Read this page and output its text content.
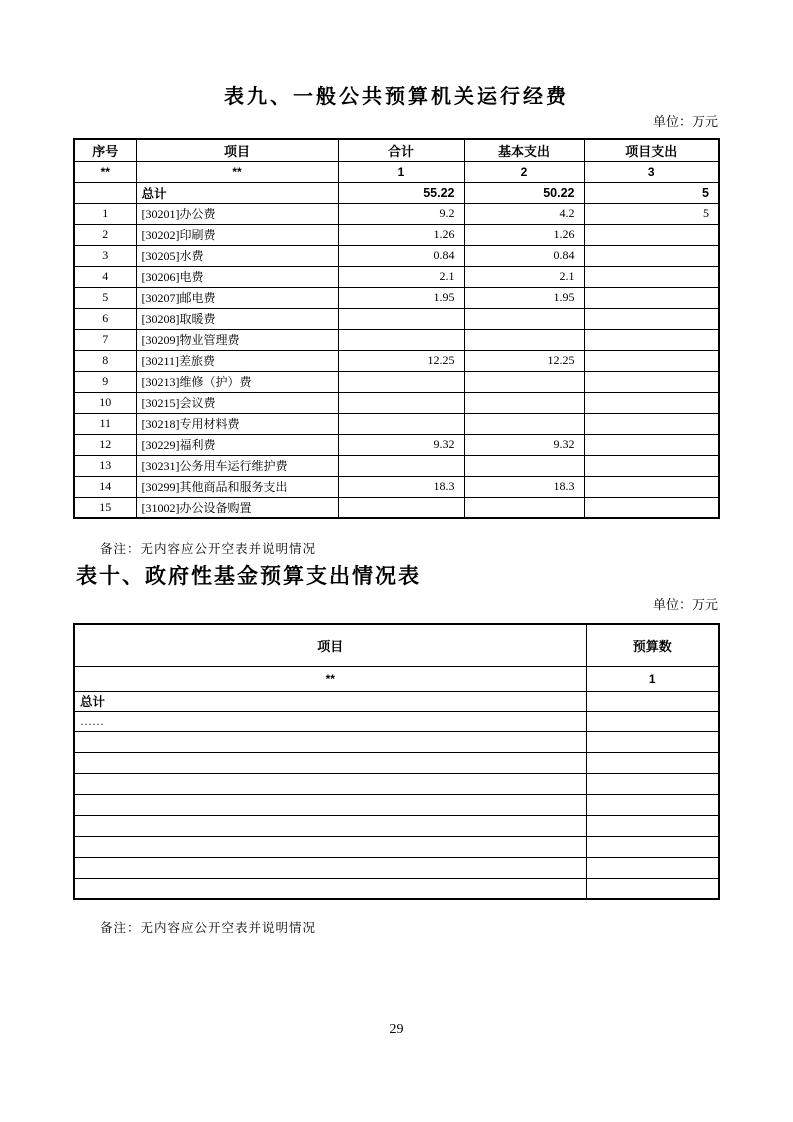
表九、一般公共预算机关运行经费
单位：万元
序号	项目	合计	基本支出	项目支出
**	**	1	2	3
	总计	55.22	50.22	5
1	[30201]办公费	9.2	4.2	5
2	[30202]印刷费	1.26	1.26	
3	[30205]水费	0.84	0.84	
4	[30206]电费	2.1	2.1	
5	[30207]邮电费	1.95	1.95	
6	[30208]取暖费			
7	[30209]物业管理费			
8	[30211]差旅费	12.25	12.25	
9	[30213]维修（护）费			
10	[30215]会议费			
11	[30218]专用材料费			
12	[30229]福利费	9.32	9.32	
13	[30231]公务用车运行维护费			
14	[30299]其他商品和服务支出	18.3	18.3	
15	[31002]办公设备购置			
备注：无内容应公开空表并说明情况
表十、政府性基金预算支出情况表
单位：万元
项目	预算数
**	1
总计	
……	

备注：无内容应公开空表并说明情况
29
